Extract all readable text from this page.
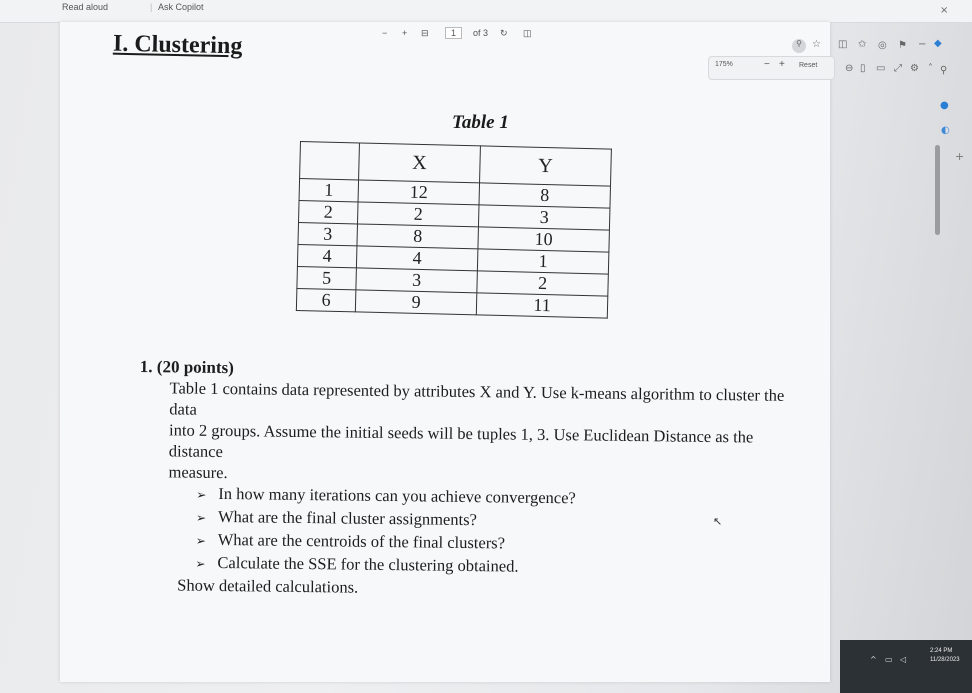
Read aloud	| Ask Copilot
− + ⊟	1	of 3 ↻ ◫
175%	− + Reset
⚲	☆ ◫ ✩ ◎ ⚑ − ◆
⊖ ▯ ▭ ⤢ ⚙ ˄ ⚲
×
●
◐
+
I. Clustering
Table 1
	X	Y
1	12	8
2	2	3
3	8	10
4	4	1
5	3	2
6	9	11
1. (20 points)
Table 1 contains data represented by attributes X and Y. Use k-means algorithm to cluster the data
into 2 groups. Assume the initial seeds will be tuples 1, 3. Use Euclidean Distance as the distance
measure.
➢ In how many iterations can you achieve convergence?
➢ What are the final cluster assignments?
➢ What are the centroids of the final clusters?
➢ Calculate the SSE for the clustering obtained.
Show detailed calculations.
↖
^ ▭ ◁
2:24 PM
11/28/2023
